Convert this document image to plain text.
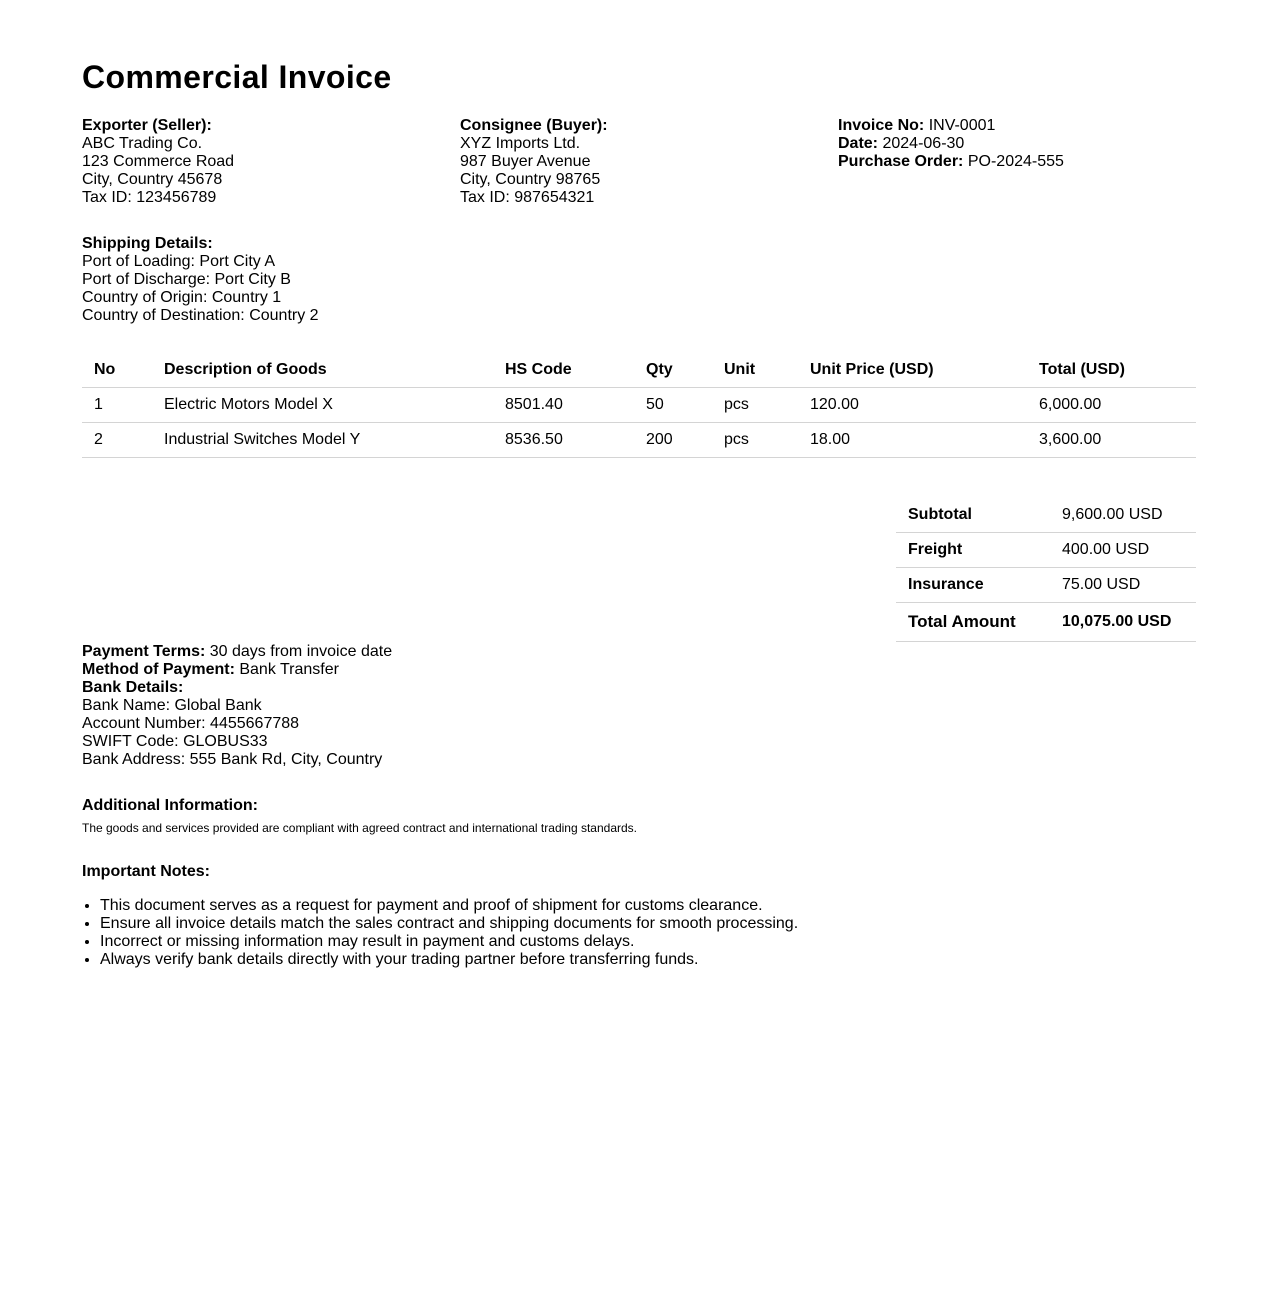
Commercial Invoice
Exporter (Seller):
ABC Trading Co.
123 Commerce Road
City, Country 45678
Tax ID: 123456789
Consignee (Buyer):
XYZ Imports Ltd.
987 Buyer Avenue
City, Country 98765
Tax ID: 987654321
Invoice No: INV-0001
Date: 2024-06-30
Purchase Order: PO-2024-555
Shipping Details:
Port of Loading: Port City A
Port of Discharge: Port City B
Country of Origin: Country 1
Country of Destination: Country 2
No	Description of Goods	HS Code	Qty	Unit	Unit Price (USD)	Total (USD)
1	Electric Motors Model X	8501.40	50	pcs	120.00	6,000.00
2	Industrial Switches Model Y	8536.50	200	pcs	18.00	3,600.00
Subtotal	9,600.00 USD
Freight	400.00 USD
Insurance	75.00 USD
Total Amount	10,075.00 USD
Payment Terms: 30 days from invoice date
Method of Payment: Bank Transfer
Bank Details:
Bank Name: Global Bank
Account Number: 4455667788
SWIFT Code: GLOBUS33
Bank Address: 555 Bank Rd, City, Country
Additional Information:
The goods and services provided are compliant with agreed contract and international trading standards.
Important Notes:
• This document serves as a request for payment and proof of shipment for customs clearance.
• Ensure all invoice details match the sales contract and shipping documents for smooth processing.
• Incorrect or missing information may result in payment and customs delays.
• Always verify bank details directly with your trading partner before transferring funds.
